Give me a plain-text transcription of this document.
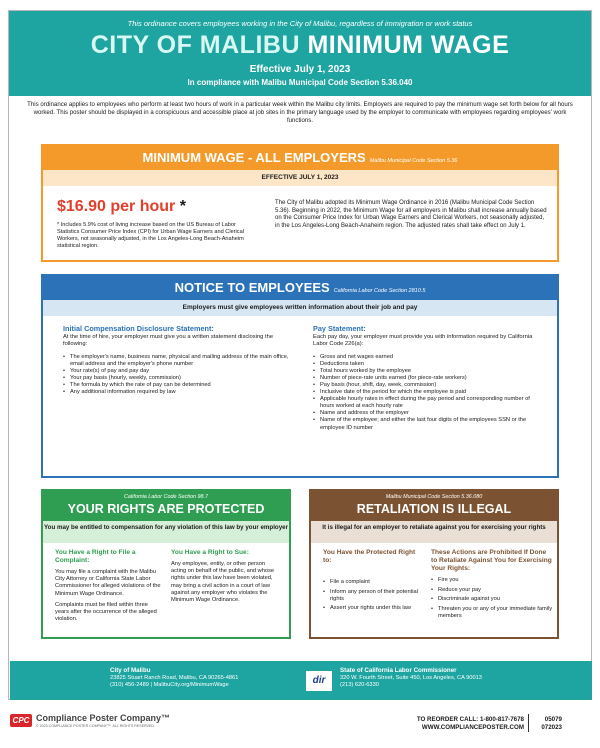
This ordinance covers employees working in the City of Malibu, regardless of immigration or work status
CITY OF MALIBU MINIMUM WAGE
Effective July 1, 2023
In compliance with Malibu Municipal Code Section 5.36.040
This ordinance applies to employees who perform at least two hours of work in a particular week within the Malibu city limits. Employers are required to pay the minimum wage set forth below for all hours worked. This poster should be displayed in a conspicuous and accessible place at job sites in the primary language used by the employer to communicate with employees regarding employees' work functions.
MINIMUM WAGE - ALL EMPLOYERS Malibu Municipal Code Section 5.36
EFFECTIVE JULY 1, 2023
$16.90 per hour *
* Includes 5.9% cost of living increase based on the US Bureau of Labor Statistics Consumer Price Index (CPI) for Urban Wage Earners and Clerical Workers, not seasonally adjusted, in the Los Angeles-Long Beach-Anaheim statistical region.
The City of Malibu adopted its Minimum Wage Ordinance in 2016 (Malibu Municipal Code Section 5.36). Beginning in 2022, the Minimum Wage for all employers in Malibu shall increase annually based on the Consumer Price Index for Urban Wage Earners and Clerical Workers, not seasonally adjusted, in the Los Angeles-Long Beach-Anaheim region. The adjusted rates shall take effect on July 1.
NOTICE TO EMPLOYEES California Labor Code Section 2810.5
Employers must give employees written information about their job and pay
Initial Compensation Disclosure Statement:
At the time of hire, your employer must give you a written statement disclosing the following:
• The employer's name, business name, physical and mailing address of the main office, email address and the employer's phone number
• Your rate(s) of pay and pay day
• Your pay basis (hourly, weekly, commission)
• The formula by which the rate of pay can be determined
• Any additional information required by law
Pay Statement:
Each pay day, your employer must provide you with information required by California Labor Code 226(a):
• Gross and net wages earned
• Deductions taken
• Total hours worked by the employee
• Number of piece-rate units earned (for piece-rate workers)
• Pay basis (hour, shift, day, week, commission)
• Inclusive date of the period for which the employee is paid
• Applicable hourly rates in effect during the pay period and corresponding number of hours worked at each hourly rate
• Name and address of the employer
• Name of the employee; and either the last four digits of the employees SSN or the employee ID number
California Labor Code Section 98.7
YOUR RIGHTS ARE PROTECTED
You may be entitled to compensation for any violation of this law by your employer
You Have a Right to File a Complaint:
You may file a complaint with the Malibu City Attorney or California State Labor Commissioner for alleged violations of the Minimum Wage Ordinance.
Complaints must be filed within three years after the occurrence of the alleged violation.
You Have a Right to Sue:
Any employee, entity, or other person acting on behalf of the public, and whose rights under this law have been violated, may bring a civil action in a court of law against any employer who violates the Minimum Wage Ordinance.
Malibu Municipal Code Section 5.36.080
RETALIATION IS ILLEGAL
It is illegal for an employer to retaliate against you for exercising your rights
You Have the Protected Right to:
• File a complaint
• Inform any person of their potential rights
• Assert your rights under this law
These Actions are Prohibited If Done to Retaliate Against You for Exercising Your Rights:
• Fire you
• Reduce your pay
• Discriminate against you
• Threaten you or any of your immediate family members
City of Malibu
23825 Stuart Ranch Road, Malibu, CA 90265-4861
(310) 456-2489 | MalibuCity.org/MinimumWage	dir
State of California Labor Commissioner
320 W. Fourth Street, Suite 450, Los Angeles, CA 90013
(213) 620-6330
CPC Compliance Poster Company™
© 2023 COMPLIANCE POSTER COMPANY™. ALL RIGHTS RESERVED.
TO REORDER CALL: 1-800-817-7678
WWW.COMPLIANCEPOSTER.COM
05079
072023
